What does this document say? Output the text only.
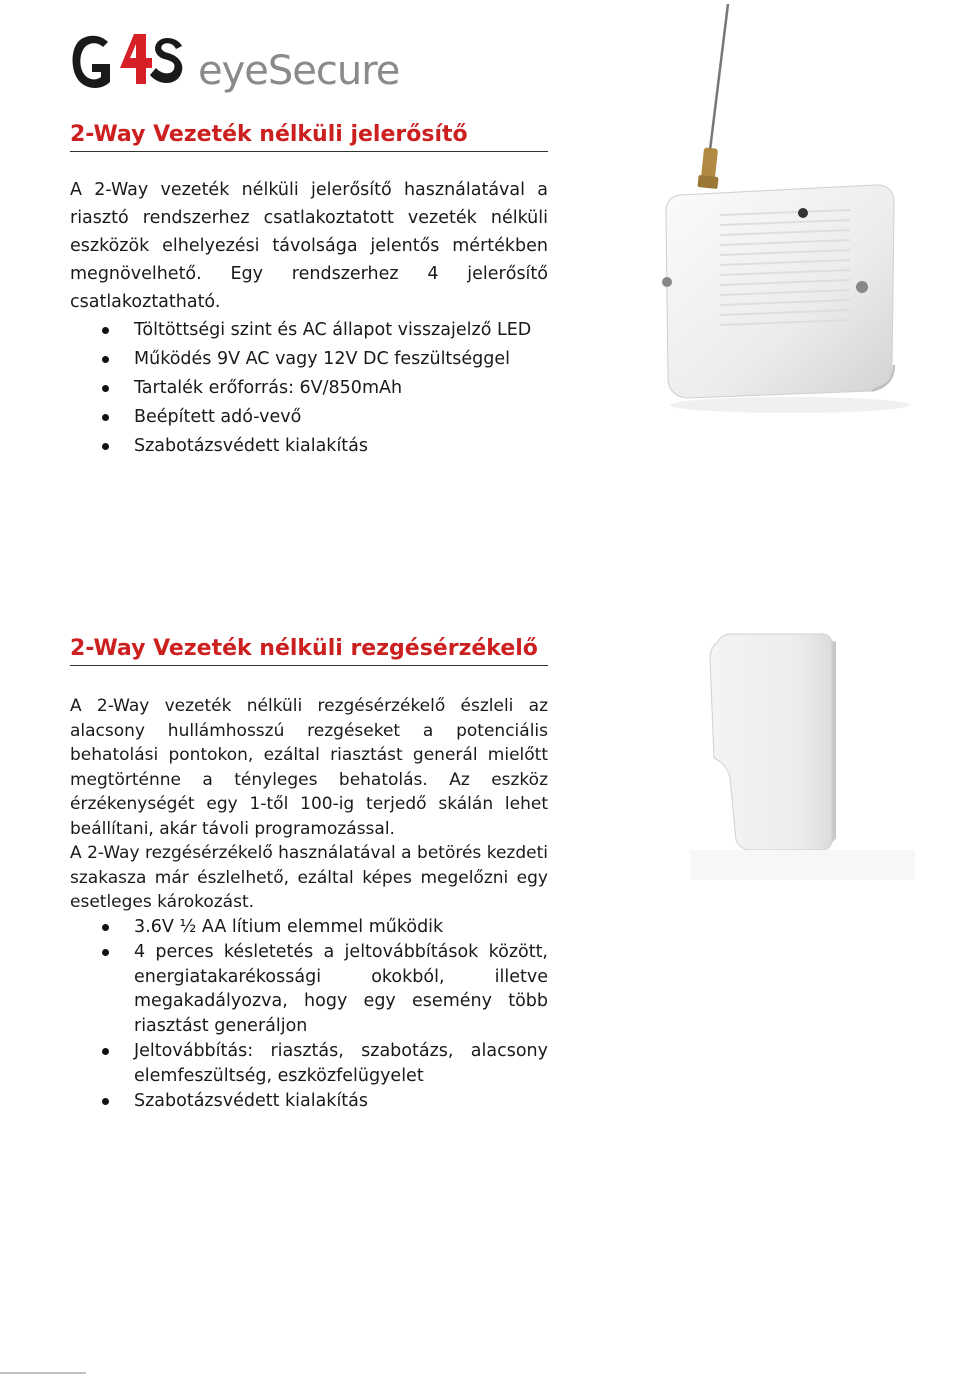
eyeSecure
2-Way Vezeték nélküli jelerősítő

A 2-Way vezeték nélküli jelerősítő használatával a riasztó rendszerhez csatlakoztatott vezeték nélküli eszközök elhelyezési távolsága jelentős mértékben megnövelhető. Egy rendszerhez 4 jelerősítő csatlakoztatható.

Töltöttségi szint és AC állapot visszajelző LED
Működés 9V AC vagy 12V DC feszültséggel
Tartalék erőforrás: 6V/850mAh
Beépített adó-vevő
Szabotázsvédett kialakítás
2-Way Vezeték nélküli rezgésérzékelő

A 2-Way vezeték nélküli rezgésérzékelő észleli az alacsony hullámhosszú rezgéseket a potenciális behatolási pontokon, ezáltal riasztást generál mielőtt megtörténne a tényleges behatolás. Az eszköz érzékenységét egy 1-től 100-ig terjedő skálán lehet beállítani, akár távoli programozással.

A 2-Way rezgésérzékelő használatával a betörés kezdeti szakasza már észlelhető, ezáltal képes megelőzni egy esetleges károkozást.

3.6V ½ AA lítium elemmel működik
4 perces késletetés a jeltovábbítások között, energiatakarékossági okokból, illetve megakadályozva, hogy egy esemény több riasztást generáljon
Jeltovábbítás: riasztás, szabotázs, alacsony elemfeszültség, eszközfelügyelet
Szabotázsvédett kialakítás
